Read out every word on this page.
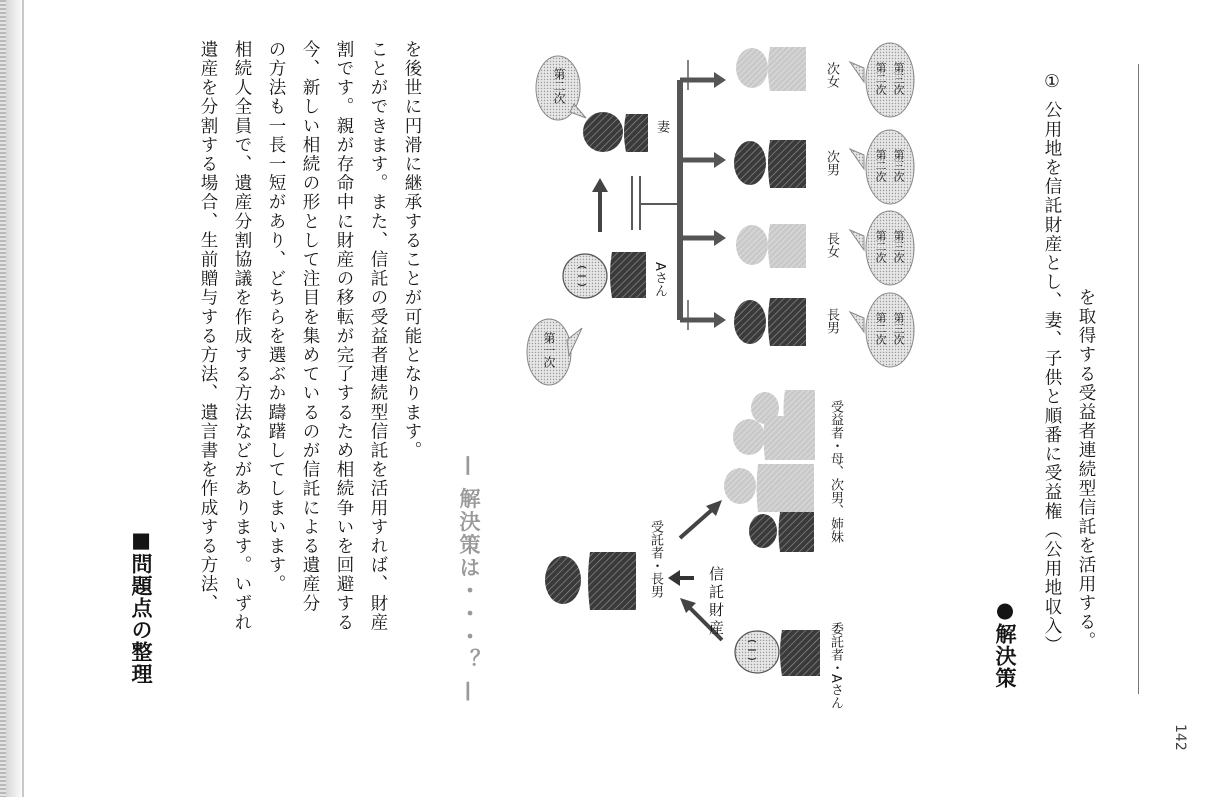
■問題点の整理	遺産を分割する場合、生前贈与する方法、遺言書を作成する方法、 相続人全員で、遺産分割協議を作成する方法などがあります。いずれ の方法も一長一短があり、どちらを選ぶか躊躇してしまいます。 今、新しい相続の形として注目を集めているのが信託による遺産分 割です。親が存命中に財産の移転が完了するため相続争いを回避する ことができます。また、信託の受益者連続型信託を活用すれば、財産 を後世に円滑に継承することが可能となります。
— 解決策は・・・？ —	委託者・Aさん
受託者・長男
信託財産
受益者・母、次男、姉妹
第一次
第二次
Aさん
妻
長男
長女
次男
次女
第二次 第三次
第二次 第三次
第二次 第三次
第二次 第三次
●解決策 ① 公用地を信託財産とし、妻、子供と順番に受益権（公用地収入） を取得する受益者連続型信託を活用する。
142
